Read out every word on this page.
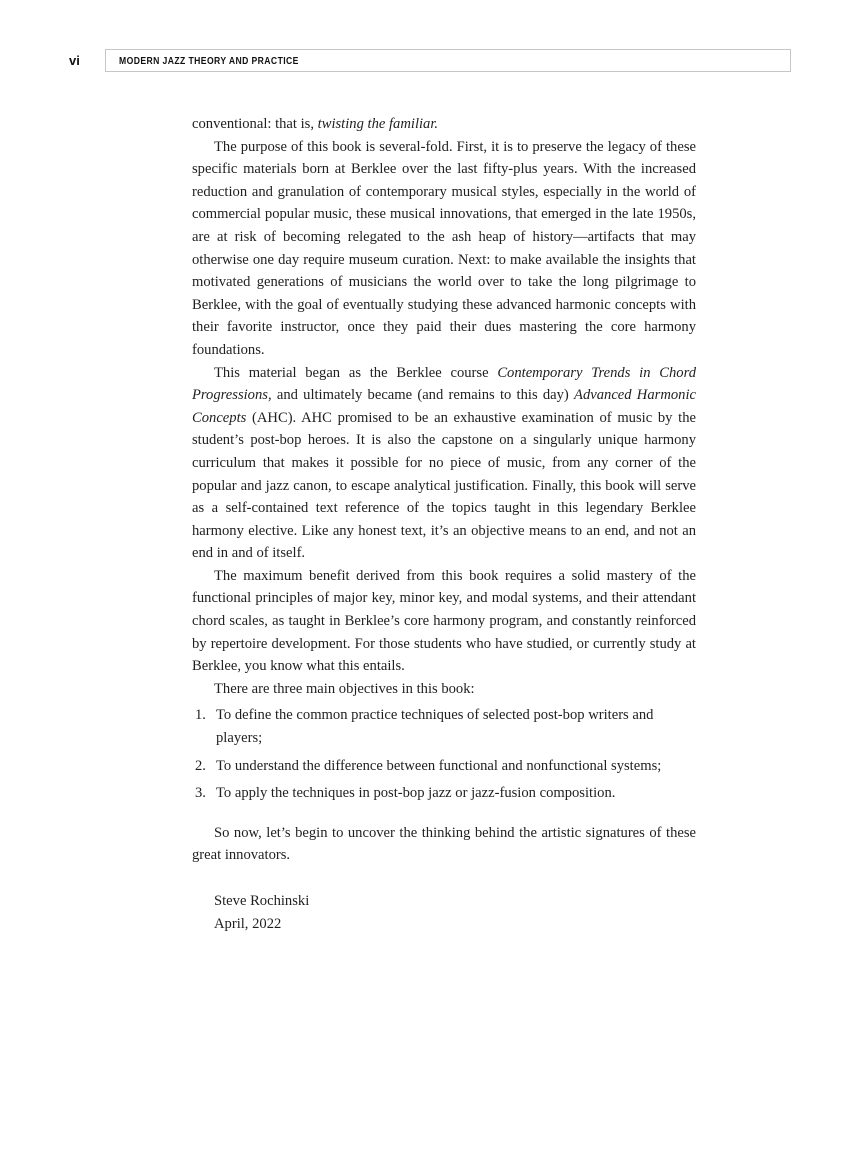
vi	MODERN JAZZ THEORY AND PRACTICE

conventional: that is, twisting the familiar.

The purpose of this book is several-fold. First, it is to preserve the legacy of these specific materials born at Berklee over the last fifty-plus years. With the increased reduction and granulation of contemporary musical styles, especially in the world of commercial popular music, these musical innovations, that emerged in the late 1950s, are at risk of becoming relegated to the ash heap of history—artifacts that may otherwise one day require museum curation. Next: to make available the insights that motivated generations of musicians the world over to take the long pilgrimage to Berklee, with the goal of eventually studying these advanced harmonic concepts with their favorite instructor, once they paid their dues mastering the core harmony foundations.

This material began as the Berklee course Contemporary Trends in Chord Progressions, and ultimately became (and remains to this day) Advanced Harmonic Concepts (AHC). AHC promised to be an exhaustive examination of music by the student’s post-bop heroes. It is also the capstone on a singularly unique harmony curriculum that makes it possible for no piece of music, from any corner of the popular and jazz canon, to escape analytical justification. Finally, this book will serve as a self-contained text reference of the topics taught in this legendary Berklee harmony elective. Like any honest text, it’s an objective means to an end, and not an end in and of itself.

The maximum benefit derived from this book requires a solid mastery of the functional principles of major key, minor key, and modal systems, and their attendant chord scales, as taught in Berklee’s core harmony program, and constantly reinforced by repertoire development. For those students who have studied, or currently study at Berklee, you know what this entails.

There are three main objectives in this book:

1. To define the common practice techniques of selected post-bop writers and players;
2. To understand the difference between functional and nonfunctional systems;
3. To apply the techniques in post-bop jazz or jazz-fusion composition.

So now, let’s begin to uncover the thinking behind the artistic signatures of these great innovators.

Steve Rochinski

April, 2022
